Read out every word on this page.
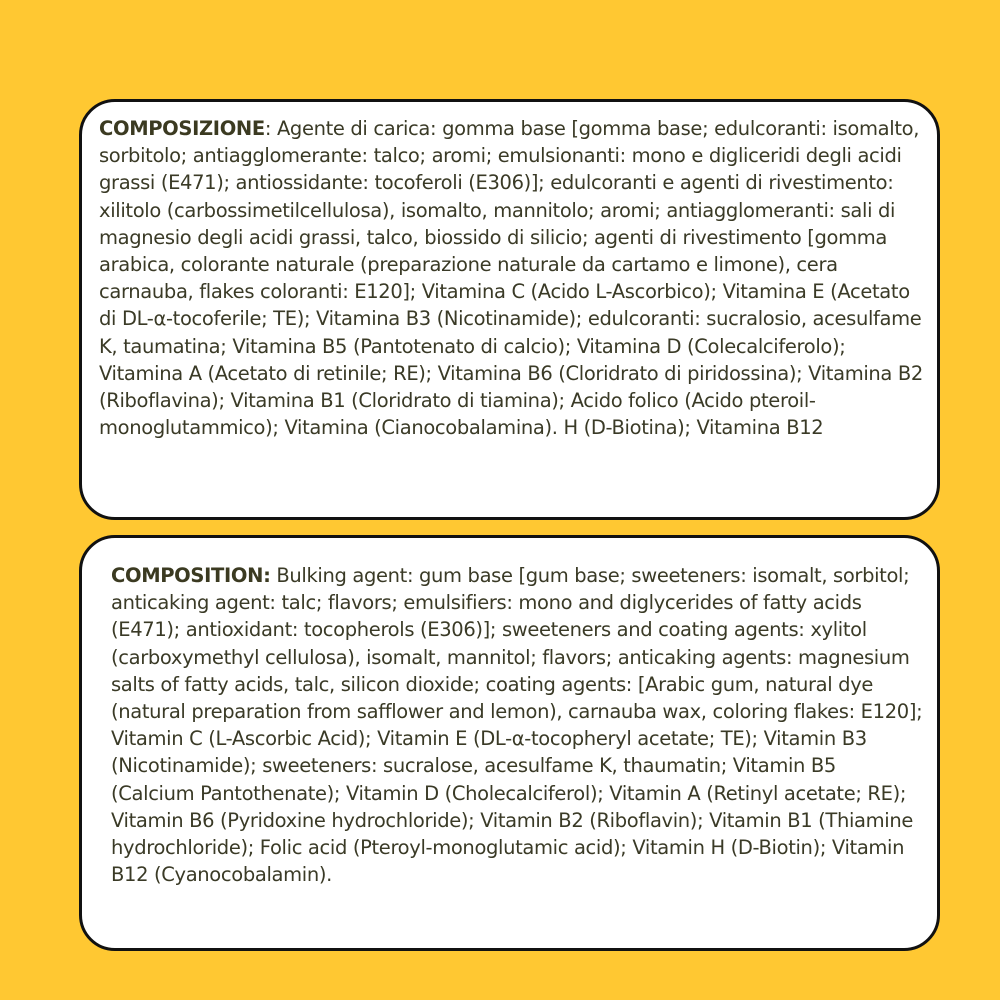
COMPOSIZIONE: Agente di carica: gomma base [gomma base; edulcoranti: isomalto, sorbitolo; antiagglomerante: talco; aromi; emulsionanti: mono e digliceridi degli acidi grassi (E471); antiossidante: tocoferoli (E306)]; edulcoranti e agenti di rivestimento: xilitolo (carbossimetilcellulosa), isomalto, mannitolo; aromi; antiagglomeranti: sali di magnesio degli acidi grassi, talco, biossido di silicio; agenti di rivestimento [gomma arabica, colorante naturale (preparazione naturale da cartamo e limone), cera carnauba, flakes coloranti: E120]; Vitamina C (Acido L-Ascorbico); Vitamina E (Acetato di DL-α-tocoferile; TE); Vitamina B3 (Nicotinamide); edulcoranti: sucralosio, acesulfame K, taumatina; Vitamina B5 (Pantotenato di calcio); Vitamina D (Colecalciferolo); Vitamina A (Acetato di retinile; RE); Vitamina B6 (Cloridrato di piridossina); Vitamina B2 (Riboflavina); Vitamina B1 (Cloridrato di tiamina); Acido folico (Acido pteroil-monoglutammico); Vitamina (Cianocobalamina). H (D-Biotina); Vitamina B12

COMPOSITION: Bulking agent: gum base [gum base; sweeteners: isomalt, sorbitol; anticaking agent: talc; flavors; emulsifiers: mono and diglycerides of fatty acids (E471); antioxidant: tocopherols (E306)]; sweeteners and coating agents: xylitol (carboxymethyl cellulosa), isomalt, mannitol; flavors; anticaking agents: magnesium salts of fatty acids, talc, silicon dioxide; coating agents: [Arabic gum, natural dye (natural preparation from safflower and lemon), carnauba wax, coloring flakes: E120]; Vitamin C (L-Ascorbic Acid); Vitamin E (DL-α-tocopheryl acetate; TE); Vitamin B3 (Nicotinamide); sweeteners: sucralose, acesulfame K, thaumatin; Vitamin B5 (Calcium Pantothenate); Vitamin D (Cholecalciferol); Vitamin A (Retinyl acetate; RE); Vitamin B6 (Pyridoxine hydrochloride); Vitamin B2 (Riboflavin); Vitamin B1 (Thiamine hydrochloride); Folic acid (Pteroyl-monoglutamic acid); Vitamin H (D-Biotin); Vitamin B12 (Cyanocobalamin).
